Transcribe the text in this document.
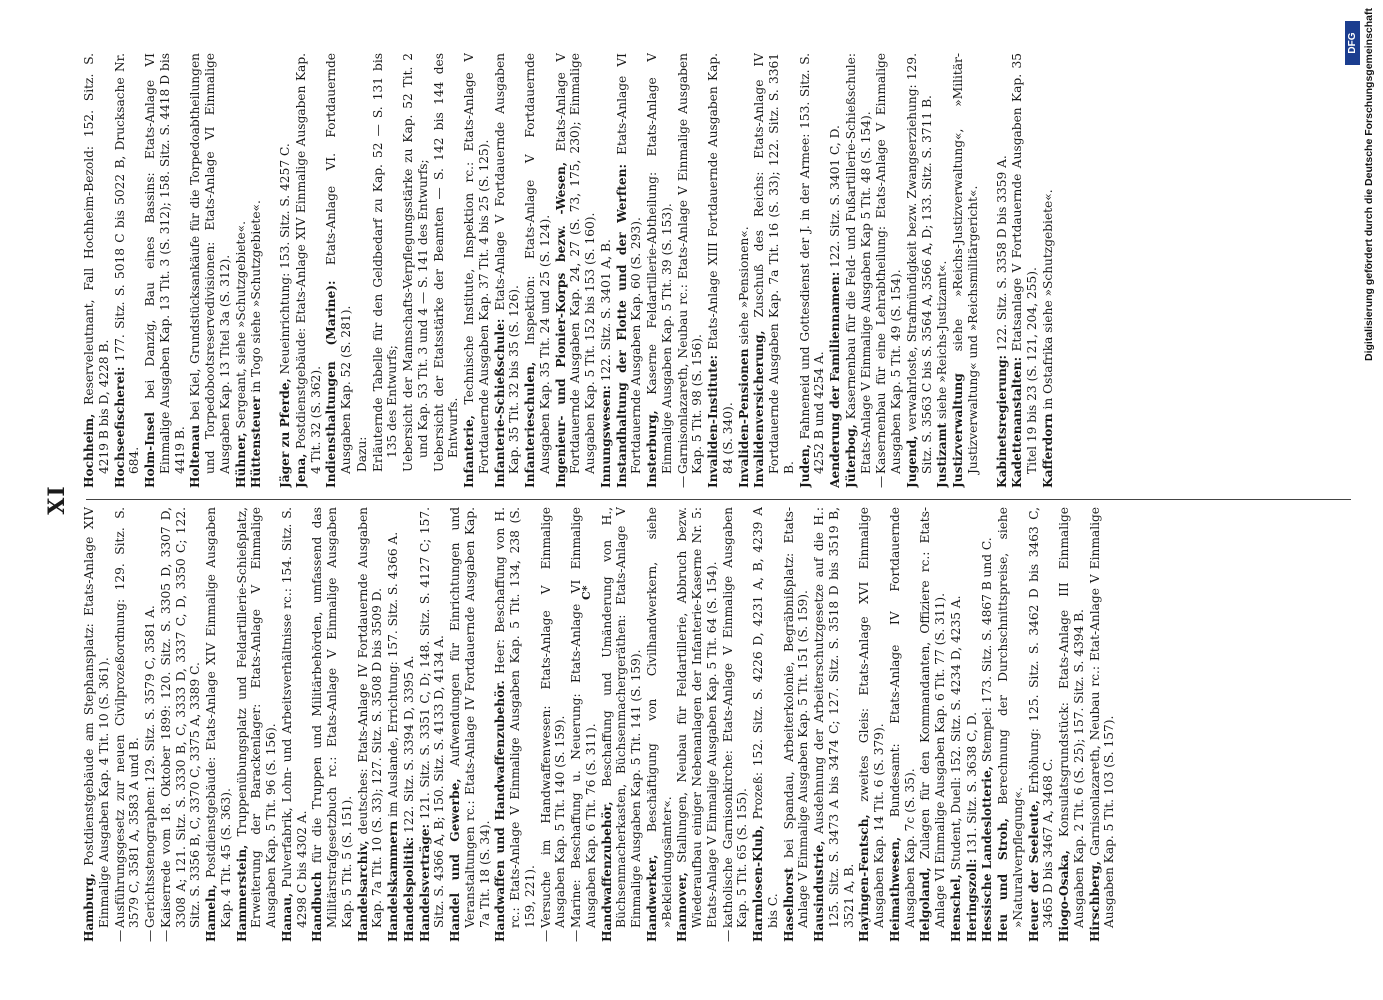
XI
Hamburg, Postdienstgebäude am Stephansplatz: Etats-Anlage XIV Einmalige Ausgaben Kap. 4 Tit. 10 (S. 361).
—Ausführungsgesetz zur neuen Civilprozeßordnung: 129. Sitz. S. 3579 C, 3581 A, 3583 A und B.
—Gerichtsstenographen: 129. Sitz. S. 3579 C, 3581 A.
—Kaiserrede vom 18. Oktober 1899: 120. Sitz. S. 3305 D, 3307 D, 3308 A; 121. Sitz. S. 3330 B, C, 3333 D, 3337 C, D, 3350 C; 122. Sitz. S. 3356 B, C, 3370 C, 3375 A, 3389 C. Hameln, Postdienstgebäude: Etats-Anlage XIV Einmalige Ausgaben Kap. 4 Tit. 45 (S. 363). Hammerstein, Truppenübungsplatz und Feldartillerie-Schießplatz, Erweiterung der Barackenlager: Etats-Anlage V Einmalige Ausgaben Kap. 5 Tit. 96 (S. 156). Hanau, Pulverfabrik, Lohn- und Arbeitsverhältnisse rc.: 154. Sitz. S. 4298 C bis 4302 A. Handbuch für die Truppen und Militärbehörden, umfassend das Militärstrafgesetzbuch rc.: Etats-Anlage V Einmalige Ausgaben Kap. 5 Tit. 5 (S. 151). Handelsarchiv, deutsches: Etats-Anlage IV Fortdauernde Ausgaben Kap. 7a Tit. 10 (S. 33); 127. Sitz. S. 3508 D bis 3509 D. Handelskammern im Auslande, Errichtung: 157. Sitz. S. 4366 A.
Handelspolitik: 122. Sitz. S. 3394 D, 3395 A.
Handelsverträge: 121. Sitz. S. 3351 C, D; 148. Sitz. S. 4127 C; 157. Sitz. S. 4366 A, B; 150. Sitz. S. 4133 D, 4134 A. Handel und Gewerbe, Aufwendungen für Einrichtungen und Veranstaltungen rc.: Etats-Anlage IV Fortdauernde Ausgaben Kap. 7a Tit. 18 (S. 34). Handwaffen und Handwaffenzubehör. Heer: Beschaffung von H. rc.: Etats-Anlage V Einmalige Ausgaben Kap. 5 Tit. 134, 238 (S. 159, 221).
—Versuche im Handwaffenwesen: Etats-Anlage V Einmalige Ausgaben Kap. 5 Tit. 140 (S. 159).
—Marine: Beschaffung u. Neuerung: Etats-Anlage VI Einmalige Ausgaben Kap. 6 Tit. 76 (S. 311). Handwaffenzubehör, Beschaffung und Umänderung von H., Büchsenmacherkasten, Büchsenmachergeräthen: Etats-Anlage V Einmalige Ausgaben Kap. 5 Tit. 141 (S. 159). Handwerker, Beschäftigung von Civilhandwerkern, siehe »Bekleidungsämter«. Hannover, Stallungen, Neubau für Feldartillerie, Abbruch bezw. Wiederaufbau einiger Nebenanlagen der Infanterie-Kaserne Nr. 5: Etats-Anlage V Einmalige Ausgaben Kap. 5 Tit. 64 (S. 154).
—katholische Garnisonkirche: Etats-Anlage V Einmalige Ausgaben Kap. 5 Tit. 65 (S. 155). Harmlosen-Klub, Prozeß: 152. Sitz. S. 4226 D, 4231 A, B, 4239 A bis C. Haselhorst bei Spandau, Arbeiterkolonie, Begräbnißplatz: Etats-Anlage V Einmalige Ausgaben Kap. 5 Tit. 151 (S. 159). Hausindustrie, Ausdehnung der Arbeiterschutzgesetze auf die H.: 125. Sitz. S. 3473 A bis 3474 C; 127. Sitz. S. 3518 D bis 3519 B, 3521 A, B. Hayingen-Fentsch, zweites Gleis: Etats-Anlage XVI Einmalige Ausgaben Kap. 14 Tit. 6 (S. 379). Heimathwesen, Bundesamt: Etats-Anlage IV Fortdauernde Ausgaben Kap. 7c (S. 35). Helgoland, Zulagen für den Kommandanten, Offiziere rc.: Etats-Anlage VI Einmalige Ausgaben Kap. 6 Tit. 77 (S. 311). Henschel, Student, Duell: 152. Sitz. S. 4234 D, 4235 A.
Heringszoll: 131. Sitz. S. 3638 C, D. Hessische Landeslotterie, Stempel: 173. Sitz. S. 4867 B und C.
Heu und Stroh, Berechnung der Durchschnittspreise, siehe »Naturalverpflegung«. Heuer der Seeleute, Erhöhung: 125. Sitz. S. 3462 D bis 3463 C, 3465 D bis 3467 A, 3468 C. Hiogo-Osaka, Konsulatsgrundstück: Etats-Anlage III Einmalige Ausgaben Kap. 2 Tit. 6 (S. 25); 157. Sitz. S. 4394 B. Hirschberg, Garnisonlazareth, Neubau rc.: Etat-Anlage V Einmalige Ausgaben Kap. 5 Tit. 103 (S. 157).
Hochheim, Reserveleutnant, Fall Hochheim-Bezold: 152. Sitz. S. 4219 B bis D, 4228 B. Hochseefischerei: 177. Sitz. S. 5018 C bis 5022 B, Drucksache Nr. 684. Holm-Insel bei Danzig, Bau eines Bassins: Etats-Anlage VI Einmalige Ausgaben Kap. 13 Tit. 3 (S. 312); 158. Sitz. S. 4418 D bis 4419 B. Holtenau bei Kiel, Grundstücksankäufe für die Torpedoabtheilungen und Torpedobootsreservedivisionen: Etats-Anlage VI Einmalige Ausgaben Kap. 13 Titel 3a (S. 312). Hühner, Sergeant, siehe »Schutzgebiete«.
Hüttensteuer in Togo siehe »Schutzgebiete«.
Jäger zu Pferde, Neueinrichtung: 153. Sitz. S. 4257 C.
Jena, Postdienstgebäude: Etats-Anlage XIV Einmalige Ausgaben Kap. 4 Tit. 32 (S. 362). Indiensthaltungen (Marine): Etats-Anlage VI. Fortdauernde Ausgaben Kap. 52 (S. 281). Dazu: Erläuternde Tabelle für den Geldbedarf zu Kap. 52 — S. 131 bis 135 des Entwurfs; Uebersicht der Mannschafts-Verpflegungsstärke zu Kap. 52 Tit. 2 und Kap. 53 Tit. 3 und 4 — S. 141 des Entwurfs; Uebersicht der Etatsstärke der Beamten — S. 142 bis 144 des Entwurfs. Infanterie, Technische Institute, Inspektion rc.: Etats-Anlage V Fortdauernde Ausgaben Kap. 37 Tit. 4 bis 25 (S. 125). Infanterie-Schießschule: Etats-Anlage V Fortdauernde Ausgaben Kap. 35 Tit. 32 bis 35 (S. 126). Infanterieschulen, Inspektion: Etats-Anlage V Fortdauernde Ausgaben Kap. 35 Tit. 24 und 25 (S. 124). Ingenieur- und Pionier-Korps bezw. -Wesen, Etats-Anlage V Fortdauernde Ausgaben Kap. 24, 27 (S. 73, 175, 230); Einmalige Ausgaben Kap. 5 Tit. 152 bis 153 (S. 160). Innungswesen: 122. Sitz. S. 3401 A, B. Instandhaltung der Flotte und der Werften: Etats-Anlage VI Fortdauernde Ausgaben Kap. 60 (S. 293). Insterburg, Kaserne Feldartillerie-Abtheilung: Etats-Anlage V Einmalige Ausgaben Kap. 5 Tit. 39 (S. 153).
—Garnisonlazareth, Neubau rc.: Etats-Anlage V Einmalige Ausgaben Kap. 5 Tit. 98 (S. 156). Invaliden-Institute: Etats-Anlage XIII Fortdauernde Ausgaben Kap. 84 (S. 340). Invaliden-Pensionen siehe »Pensionen«.
Invalidenversicherung, Zuschuß des Reichs: Etats-Anlage IV Fortdauernde Ausgaben Kap. 7a Tit. 16 (S. 33); 122. Sitz. S. 3361 B. Juden, Fahneneid und Gottesdienst der J. in der Armee: 153. Sitz. S. 4252 B und 4254 A. Aenderung der Familiennamen: 122. Sitz. S. 3401 C, D.
Jüterbog, Kasernenbau für die Feld- und Fußartillerie-Schießschule: Etats-Anlage V Einmalige Ausgaben Kap 5 Tit. 48 (S. 154).
—Kasernenbau für eine Lehrabtheilung: Etats-Anlage V Einmalige Ausgaben Kap. 5 Tit. 49 (S. 154). Jugend, verwahrloste, Strafmündigkeit bezw. Zwangserziehung: 129. Sitz. S. 3563 C bis S. 3564 A, 3566 A, D; 133. Sitz. S. 3711 B. Justizamt siehe »Reichs-Justizamt«.
Justizverwaltung siehe »Reichs-Justizverwaltung«, »Militär-Justizverwaltung« und »Reichsmilitärgericht«. Kabinetsregierung: 122. Sitz. S. 3358 D bis 3359 A.
Kadettenanstalten: Etatsanlage V Fortdauernde Ausgaben Kap. 35 Titel 19 bis 23 (S. 121, 204, 255). Kafferdorn in Ostafrika siehe »Schutzgebiete«.
C*
DFG Digitalisierung gefördert durch die Deutsche Forschungsgemeinschaft
